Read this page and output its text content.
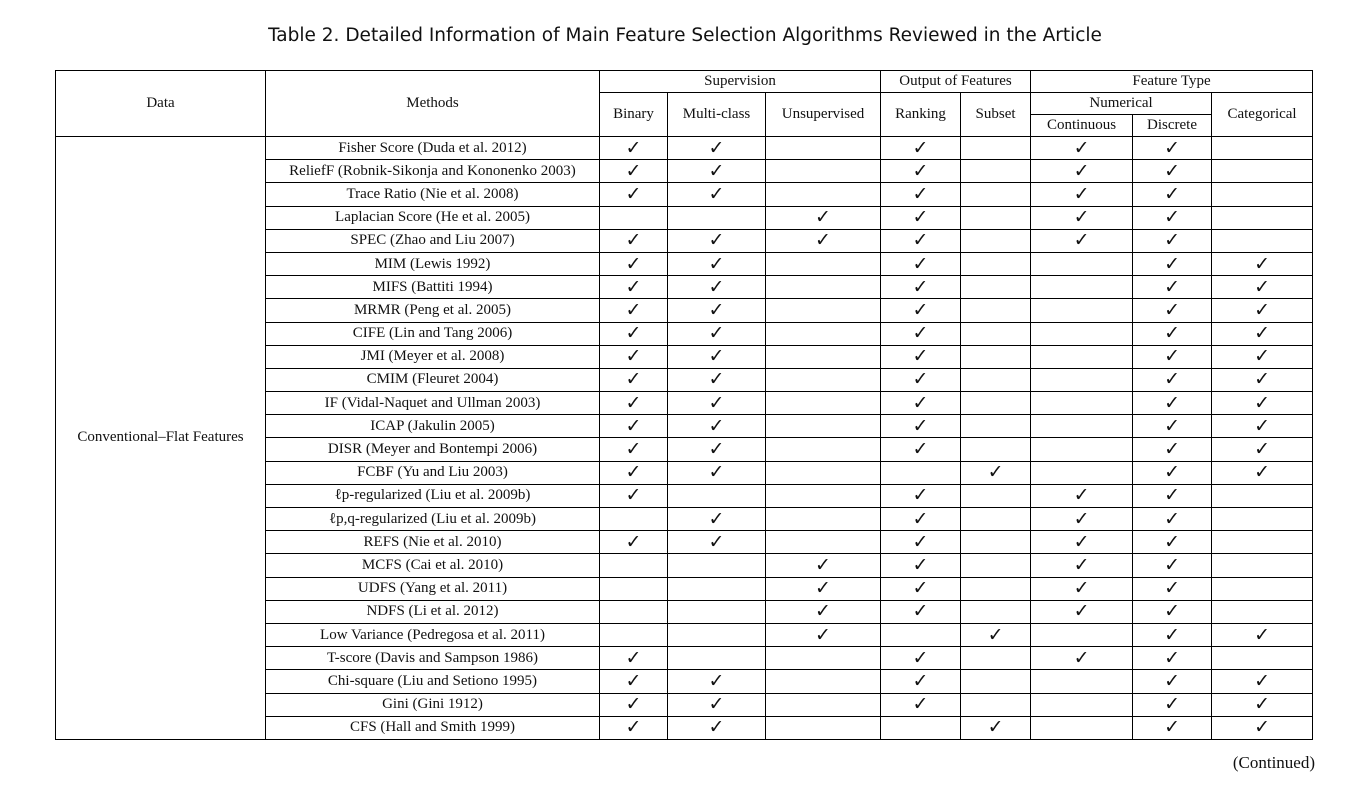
Table 2. Detailed Information of Main Feature Selection Algorithms Reviewed in the Article
Data	Methods	Supervision			Output of Features		Feature Type		
		Binary	Multi-class	Unsupervised	Ranking	Subset	Numerical		Categorical
							Continuous	Discrete	
Conventional–Flat Features	Fisher Score (Duda et al. 2012)	✓	✓		✓		✓	✓	
	ReliefF (Robnik-Sikonja and Kononenko 2003)	✓	✓		✓		✓	✓	
	Trace Ratio (Nie et al. 2008)	✓	✓		✓		✓	✓	
	Laplacian Score (He et al. 2005)			✓	✓		✓	✓	
	SPEC (Zhao and Liu 2007)	✓	✓	✓	✓		✓	✓	
	MIM (Lewis 1992)	✓	✓		✓			✓	✓
	MIFS (Battiti 1994)	✓	✓		✓			✓	✓
	MRMR (Peng et al. 2005)	✓	✓		✓			✓	✓
	CIFE (Lin and Tang 2006)	✓	✓		✓			✓	✓
	JMI (Meyer et al. 2008)	✓	✓		✓			✓	✓
	CMIM (Fleuret 2004)	✓	✓		✓			✓	✓
	IF (Vidal-Naquet and Ullman 2003)	✓	✓		✓			✓	✓
	ICAP (Jakulin 2005)	✓	✓		✓			✓	✓
	DISR (Meyer and Bontempi 2006)	✓	✓		✓			✓	✓
	FCBF (Yu and Liu 2003)	✓	✓			✓		✓	✓
	ℓp-regularized (Liu et al. 2009b)	✓			✓		✓	✓	
	ℓp,q-regularized (Liu et al. 2009b)		✓		✓		✓	✓	
	REFS (Nie et al. 2010)	✓	✓		✓		✓	✓	
	MCFS (Cai et al. 2010)			✓	✓		✓	✓	
	UDFS (Yang et al. 2011)			✓	✓		✓	✓	
	NDFS (Li et al. 2012)			✓	✓		✓	✓	
	Low Variance (Pedregosa et al. 2011)			✓		✓		✓	✓
	T-score (Davis and Sampson 1986)	✓			✓		✓	✓	
	Chi-square (Liu and Setiono 1995)	✓	✓		✓			✓	✓
	Gini (Gini 1912)	✓	✓		✓			✓	✓
	CFS (Hall and Smith 1999)	✓	✓			✓		✓	✓
(Continued)
